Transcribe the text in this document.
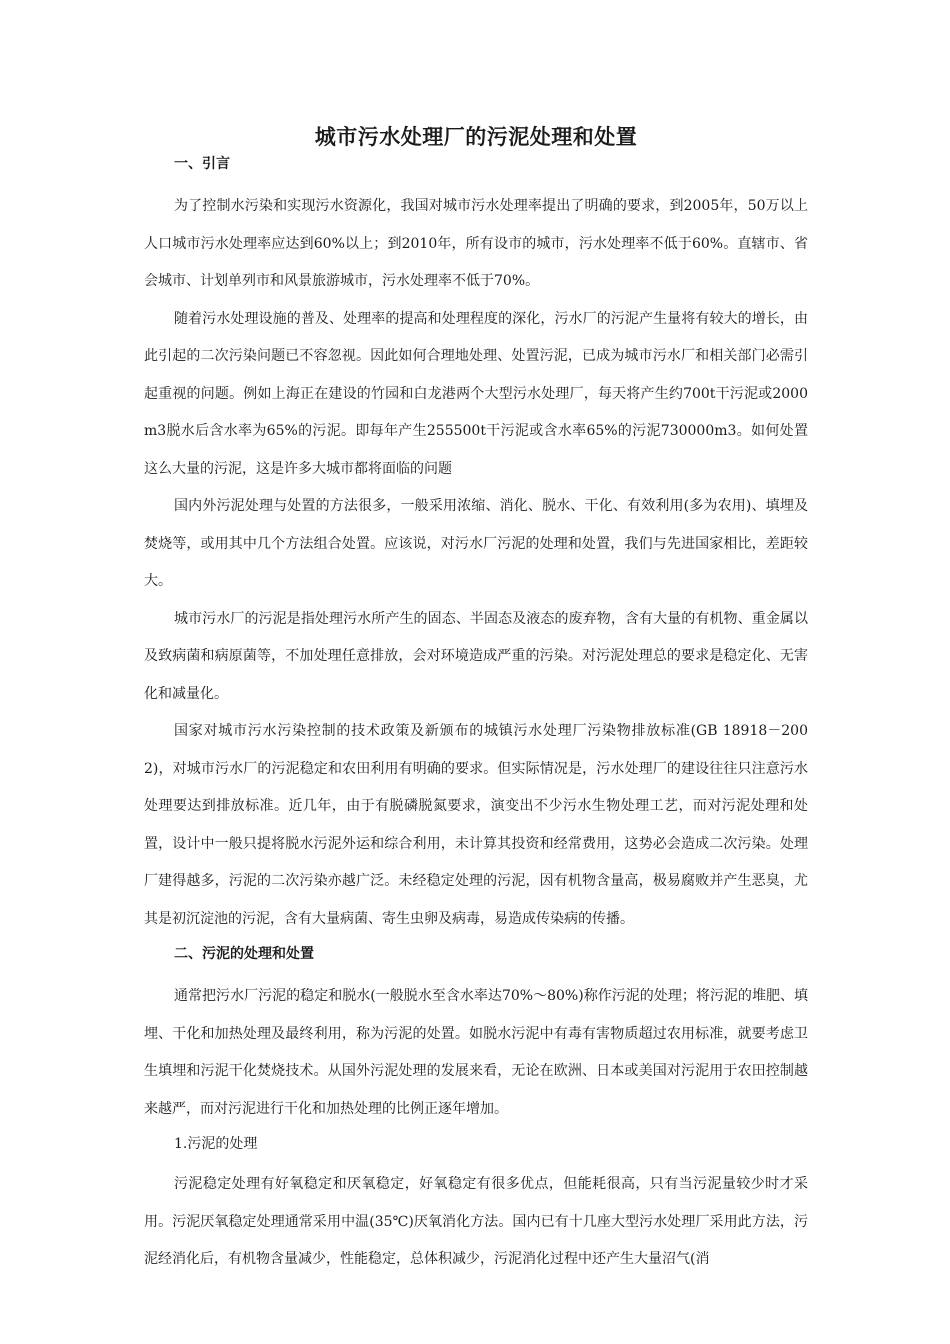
城市污水处理厂的污泥处理和处置
一、引言

为了控制水污染和实现污水资源化，我国对城市污水处理率提出了明确的要求，到2005年，50万以上人口城市污水处理率应达到60%以上；到2010年，所有设市的城市，污水处理率不低于60%。直辖市、省会城市、计划单列市和风景旅游城市，污水处理率不低于70%。

随着污水处理设施的普及、处理率的提高和处理程度的深化，污水厂的污泥产生量将有较大的增长，由此引起的二次污染问题已不容忽视。因此如何合理地处理、处置污泥，已成为城市污水厂和相关部门必需引起重视的问题。例如上海正在建设的竹园和白龙港两个大型污水处理厂，每天将产生约700t干污泥或2000m3脱水后含水率为65%的污泥。即每年产生255500t干污泥或含水率65%的污泥730000m3。如何处置这么大量的污泥，这是许多大城市都将面临的问题

国内外污泥处理与处置的方法很多，一般采用浓缩、消化、脱水、干化、有效利用(多为农用)、填埋及焚烧等，或用其中几个方法组合处置。应该说，对污水厂污泥的处理和处置，我们与先进国家相比，差距较大。

城市污水厂的污泥是指处理污水所产生的固态、半固态及液态的废弃物，含有大量的有机物、重金属以及致病菌和病原菌等，不加处理任意排放，会对环境造成严重的污染。对污泥处理总的要求是稳定化、无害化和减量化。

国家对城市污水污染控制的技术政策及新颁布的城镇污水处理厂污染物排放标准(GB 18918－2002)，对城市污水厂的污泥稳定和农田利用有明确的要求。但实际情况是，污水处理厂的建设往往只注意污水处理要达到排放标准。近几年，由于有脱磷脱氮要求，演变出不少污水生物处理工艺，而对污泥处理和处置，设计中一般只提将脱水污泥外运和综合利用，未计算其投资和经常费用，这势必会造成二次污染。处理厂建得越多，污泥的二次污染亦越广泛。未经稳定处理的污泥，因有机物含量高，极易腐败并产生恶臭，尤其是初沉淀池的污泥，含有大量病菌、寄生虫卵及病毒，易造成传染病的传播。

二、污泥的处理和处置

通常把污水厂污泥的稳定和脱水(一般脱水至含水率达70%～80%)称作污泥的处理；将污泥的堆肥、填埋、干化和加热处理及最终利用，称为污泥的处置。如脱水污泥中有毒有害物质超过农用标准，就要考虑卫生填埋和污泥干化焚烧技术。从国外污泥处理的发展来看，无论在欧洲、日本或美国对污泥用于农田控制越来越严，而对污泥进行干化和加热处理的比例正逐年增加。

1.污泥的处理

污泥稳定处理有好氧稳定和厌氧稳定，好氧稳定有很多优点，但能耗很高，只有当污泥量较少时才采用。污泥厌氧稳定处理通常采用中温(35℃)厌氧消化方法。国内已有十几座大型污水处理厂采用此方法，污泥经消化后，有机物含量减少，性能稳定，总体积减少，污泥消化过程中还产生大量沼气(消
